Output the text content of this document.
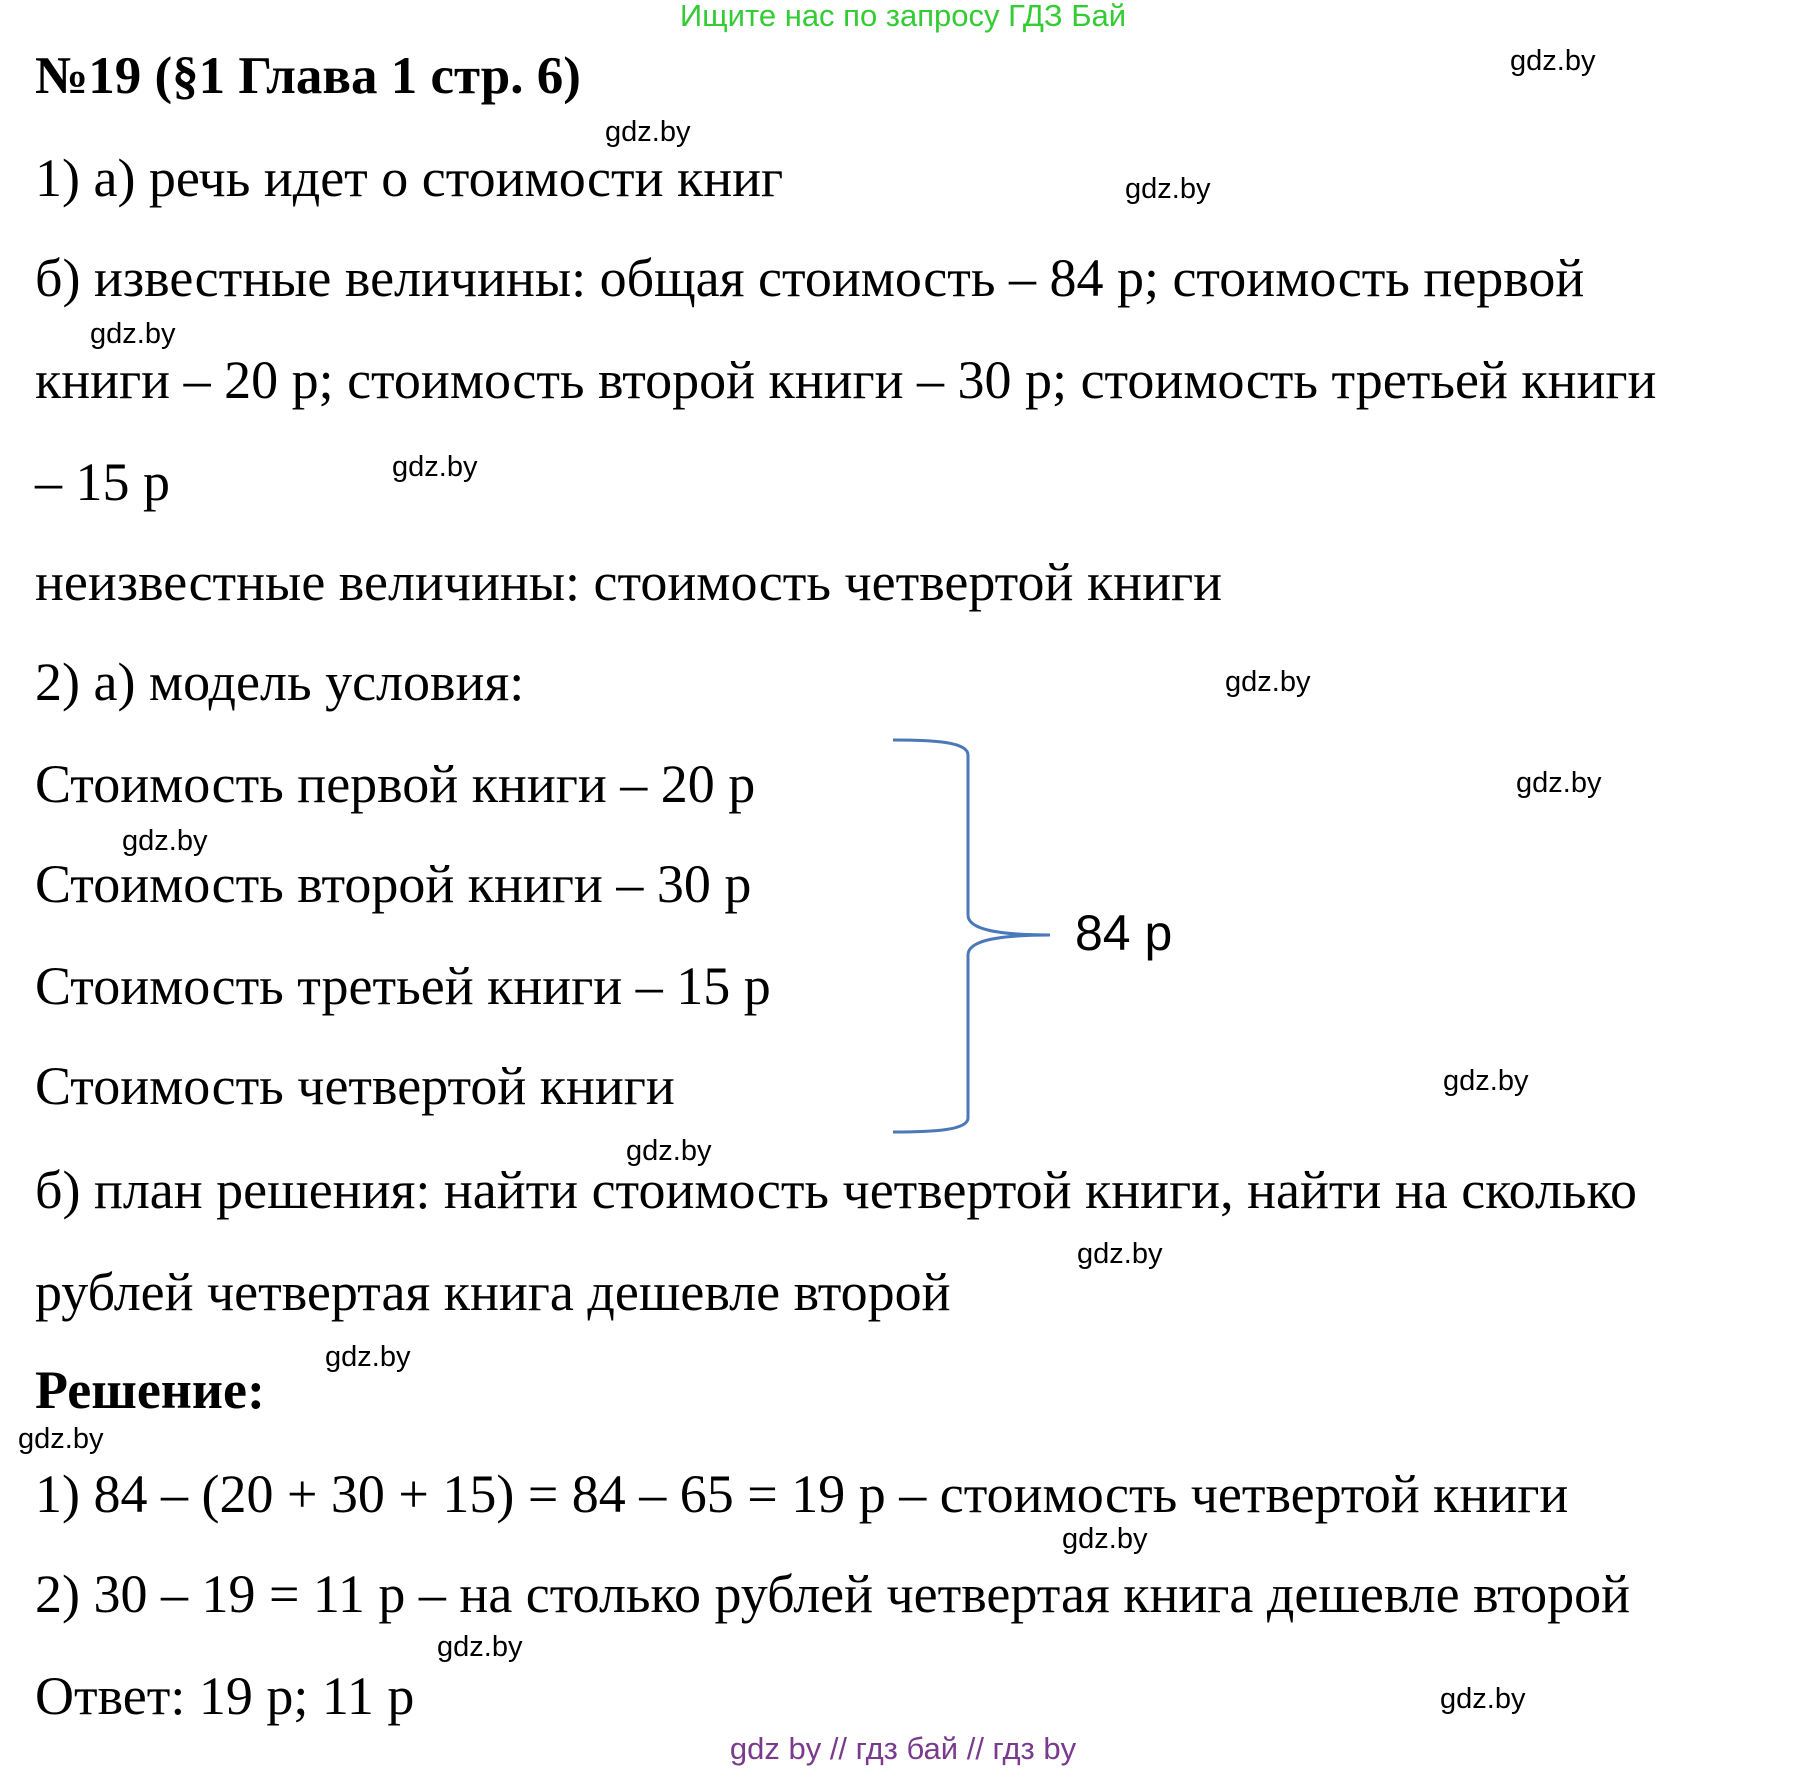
Ищите нас по запросу ГДЗ Бай
№19 (§1 Глава 1 стр. 6)
1) а) речь идет о стоимости книг
б) известные величины: общая стоимость – 84 р; стоимость первой
книги – 20 р; стоимость второй книги – 30 р; стоимость третьей книги
– 15 р
неизвестные величины: стоимость четвертой книги
2) а) модель условия:
Стоимость первой книги – 20 р
Стоимость второй книги – 30 р
Стоимость третьей книги – 15 р
Стоимость четвертой книги
84 р
б) план решения: найти стоимость четвертой книги, найти на сколько
рублей четвертая книга дешевле второй
Решение:
1) 84 – (20 + 30 + 15) = 84 – 65 = 19 р – стоимость четвертой книги
2) 30 – 19 = 11 р – на столько рублей четвертая книга дешевле второй
Ответ: 19 р; 11 р
gdz.by
gdz.by
gdz.by
gdz.by
gdz.by
gdz.by
gdz.by
gdz.by
gdz.by
gdz.by
gdz.by
gdz.by
gdz.by
gdz.by
gdz.by
gdz.by
gdz by // гдз бай // гдз by
